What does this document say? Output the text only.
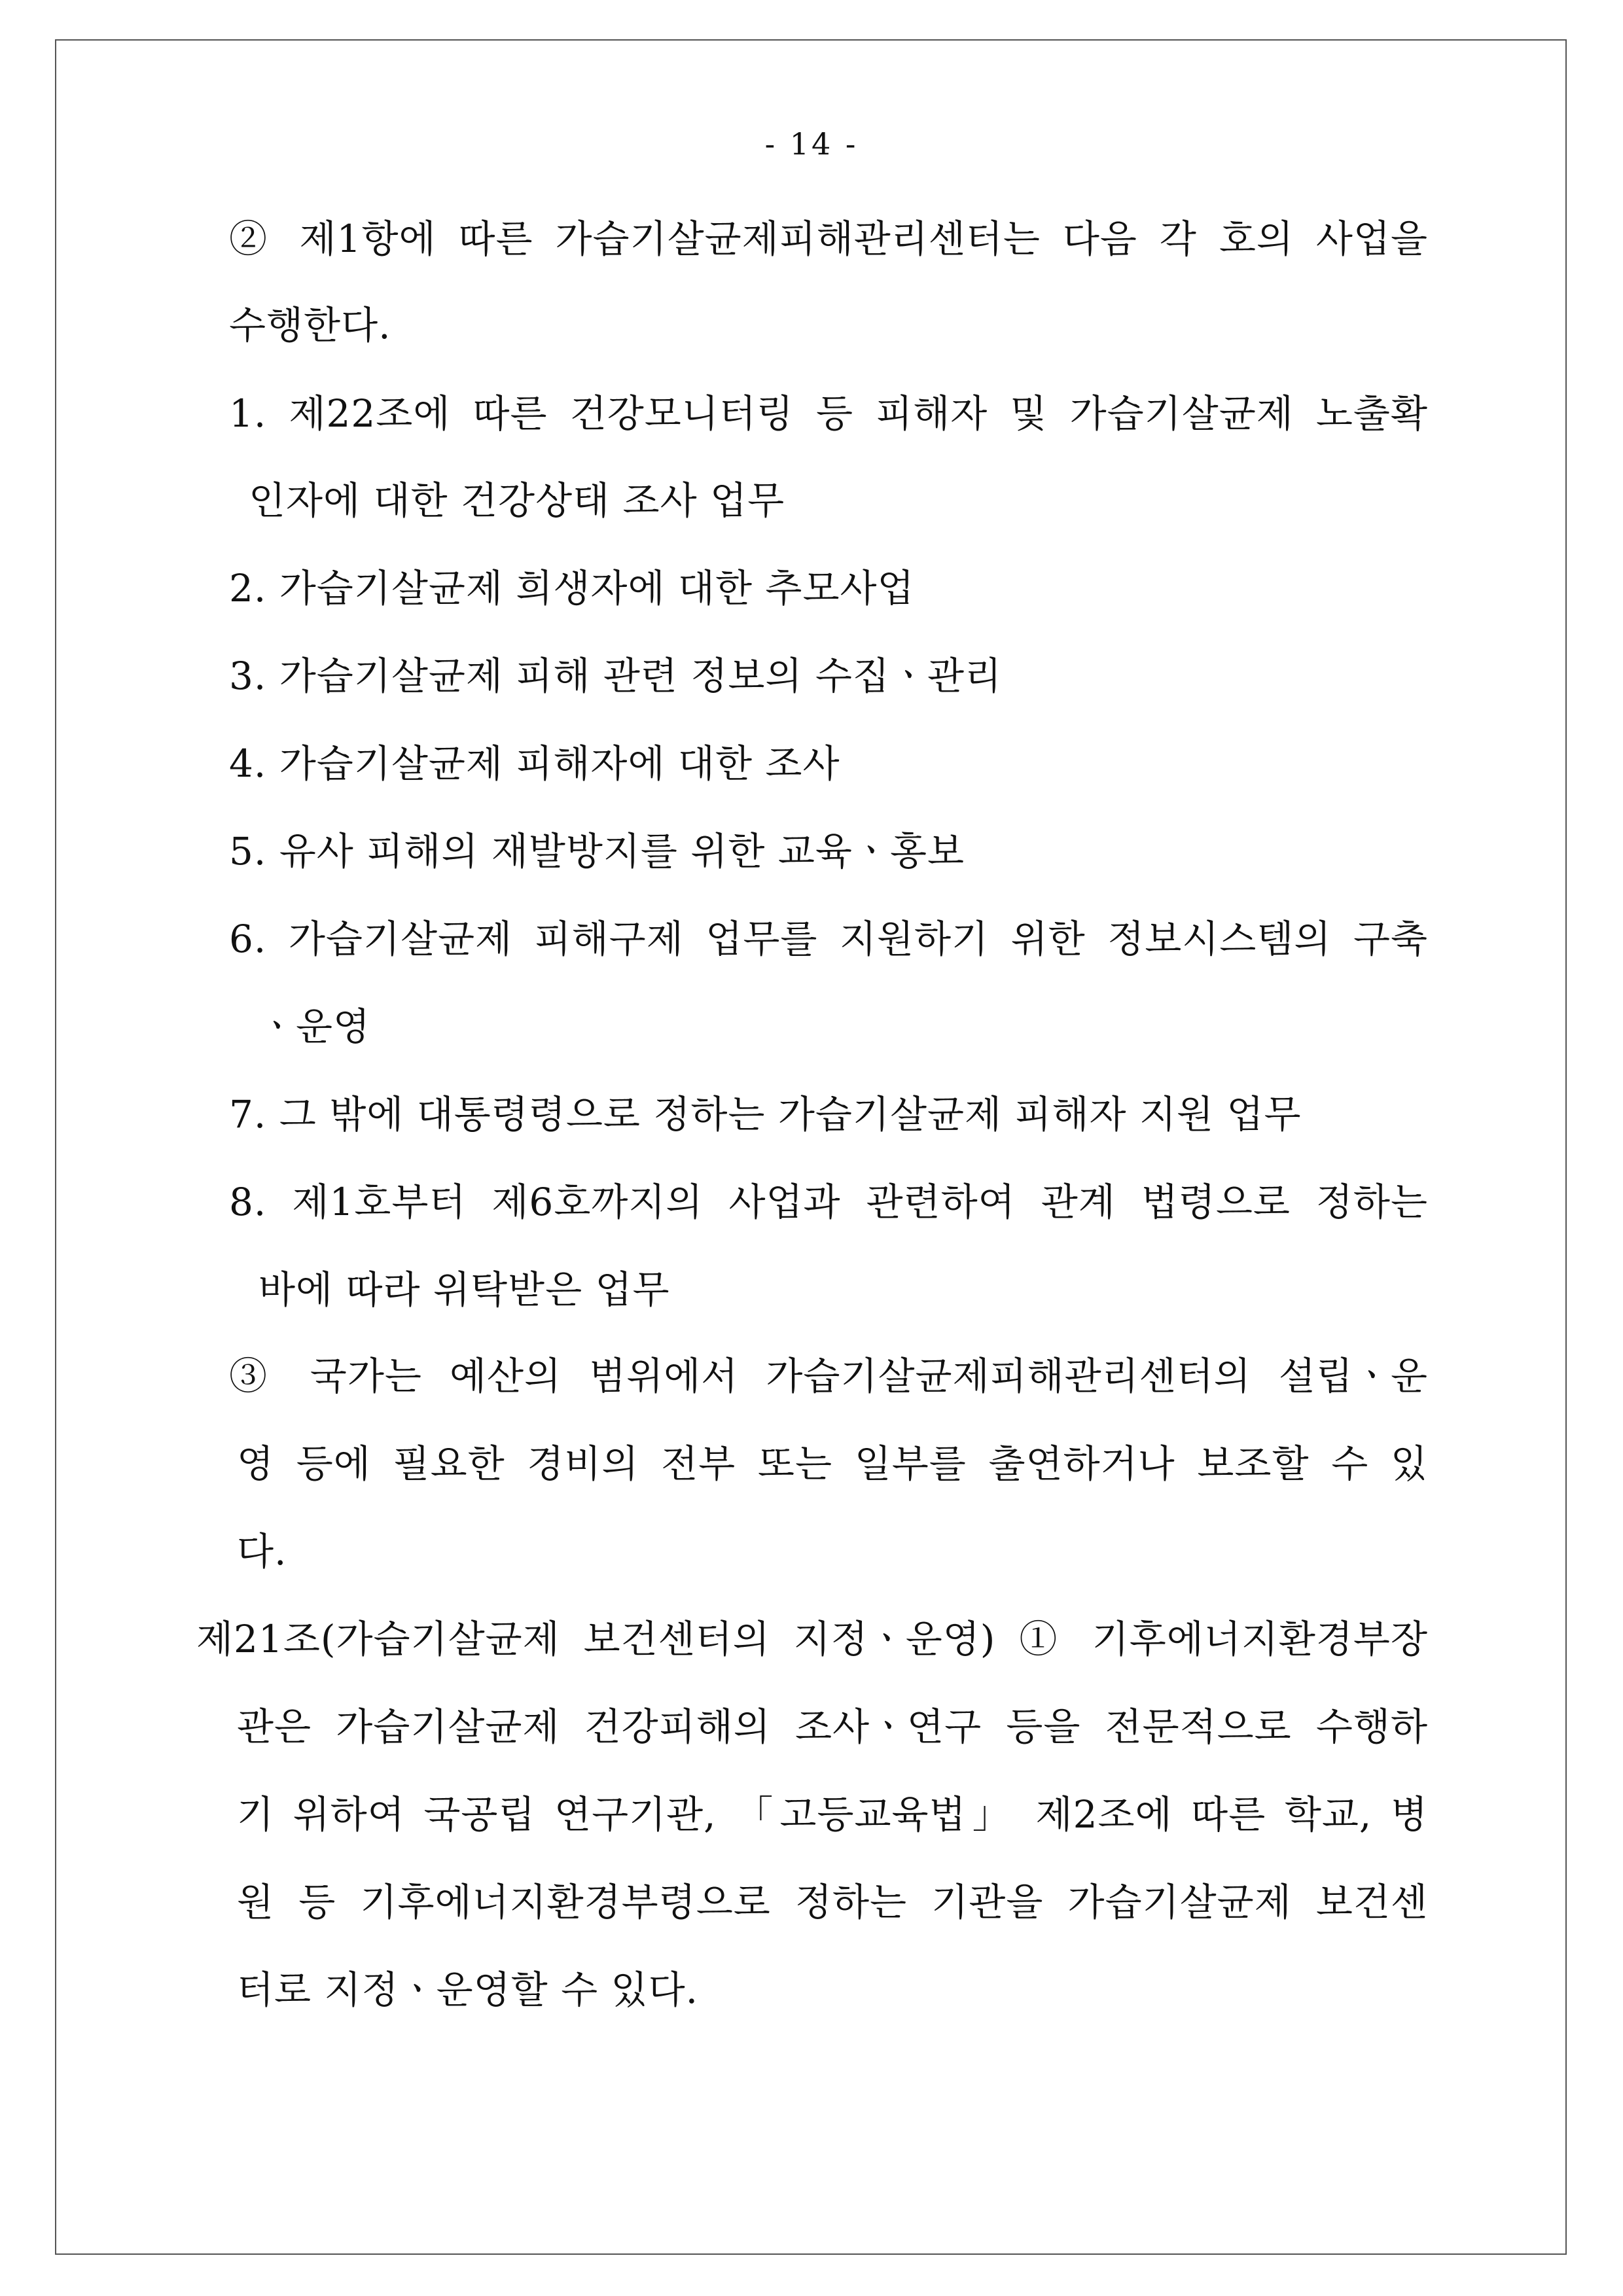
- 14 -
② 제1항에 따른 가습기살균제피해관리센터는 다음 각 호의 사업을
수행한다.
1. 제22조에 따른 건강모니터링 등 피해자 및 가습기살균제 노출확
인자에 대한 건강상태 조사 업무
2. 가습기살균제 희생자에 대한 추모사업
3. 가습기살균제 피해 관련 정보의 수집ㆍ관리
4. 가습기살균제 피해자에 대한 조사
5. 유사 피해의 재발방지를 위한 교육ㆍ홍보
6. 가습기살균제 피해구제 업무를 지원하기 위한 정보시스템의 구축
ㆍ운영
7. 그 밖에 대통령령으로 정하는 가습기살균제 피해자 지원 업무
8. 제1호부터 제6호까지의 사업과 관련하여 관계 법령으로 정하는
바에 따라 위탁받은 업무
③ 국가는 예산의 범위에서 가습기살균제피해관리센터의 설립ㆍ운
영 등에 필요한 경비의 전부 또는 일부를 출연하거나 보조할 수 있
다.
제21조(가습기살균제 보건센터의 지정ㆍ운영) ① 기후에너지환경부장
관은 가습기살균제 건강피해의 조사ㆍ연구 등을 전문적으로 수행하
기 위하여 국공립 연구기관, 「고등교육법」 제2조에 따른 학교, 병
원 등 기후에너지환경부령으로 정하는 기관을 가습기살균제 보건센
터로 지정ㆍ운영할 수 있다.
